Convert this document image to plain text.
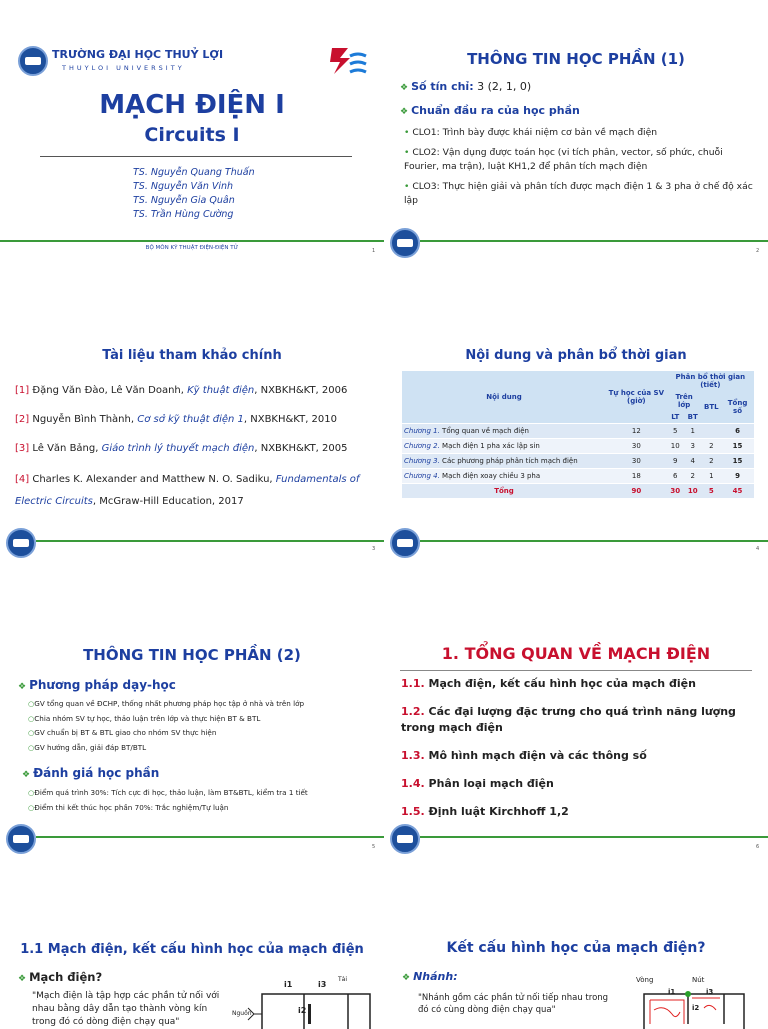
TRƯỜNG ĐẠI HỌC THUỶ LỢI
THUYLOI UNIVERSITY
MẠCH ĐIỆN I
Circuits I
TS. Nguyễn Quang Thuấn
TS. Nguyễn Văn Vinh
TS. Nguyễn Gia Quân
TS. Trần Hùng Cường
BỘ MÔN KỸ THUẬT ĐIỆN-ĐIỆN TỬ	1
THÔNG TIN HỌC PHẦN (1)
❖ Số tín chỉ: 3 (2, 1, 0)
❖ Chuẩn đầu ra của học phần
• CLO1: Trình bày được khái niệm cơ bản về mạch điện
• CLO2: Vận dụng được toán học (vi tích phân, vector, số phức, chuỗi Fourier, ma trận), luật KH1,2 để phân tích mạch điện
• CLO3: Thực hiện giải và phân tích được mạch điện 1 & 3 pha ở chế độ xác lập
2
Tài liệu tham khảo chính
[1] Đặng Văn Đào, Lê Văn Doanh, Kỹ thuật điện, NXBKH&KT, 2006
[2] Nguyễn Bình Thành, Cơ sở kỹ thuật điện 1, NXBKH&KT, 2010
[3] Lê Văn Bảng, Giáo trình lý thuyết mạch điện, NXBKH&KT, 2005
[4] Charles K. Alexander and Matthew N. O. Sadiku, Fundamentals of Electric Circuits, McGraw-Hill Education, 2017
3
Nội dung và phân bổ thời gian
Nội dung	Tự học của SV (giờ)	Phân bổ thời gian (tiết)			
		Trên lớp		BTL	Tổng số
		LT	BT		
Chương 1. Tổng quan về mạch điện	12	5	1		6
Chương 2. Mạch điện 1 pha xác lập sin	30	10	3	2	15
Chương 3. Các phương pháp phân tích mạch điện	30	9	4	2	15
Chương 4. Mạch điện xoay chiều 3 pha	18	6	2	1	9
Tổng	90	30	10	5	45
4
THÔNG TIN HỌC PHẦN (2)
❖ Phương pháp dạy-học
○GV tổng quan về ĐCHP, thống nhất phương pháp học tập ở nhà và trên lớp
○Chia nhóm SV tự học, thảo luận trên lớp và thực hiện BT & BTL
○GV chuẩn bị BT & BTL giao cho nhóm SV thực hiện
○GV hướng dẫn, giải đáp BT/BTL
❖ Đánh giá học phần
○Điểm quá trình 30%: Tích cực đi học, thảo luận, làm BT&BTL, kiểm tra 1 tiết
○Điểm thi kết thúc học phần 70%: Trắc nghiệm/Tự luận
5
1. TỔNG QUAN VỀ MẠCH ĐIỆN
1.1. Mạch điện, kết cấu hình học của mạch điện
1.2. Các đại lượng đặc trưng cho quá trình năng lượng trong mạch điện
1.3. Mô hình mạch điện và các thông số
1.4. Phân loại mạch điện
1.5. Định luật Kirchhoff 1,2
6
1.1 Mạch điện, kết cấu hình học của mạch điện
❖ Mạch điện?
"Mạch điện là tập hợp các phần tử nối với nhau bằng dây dẫn tạo thành vòng kín trong đó có dòng điện chạy qua"
i1	i3
i2
Tải
Nguồn
Kết cấu hình học của mạch điện?
❖ Nhánh:
"Nhánh gồm các phần tử nối tiếp nhau trong đó có cùng dòng điện chạy qua"
Vòng	Nút
i1	i3
i2
